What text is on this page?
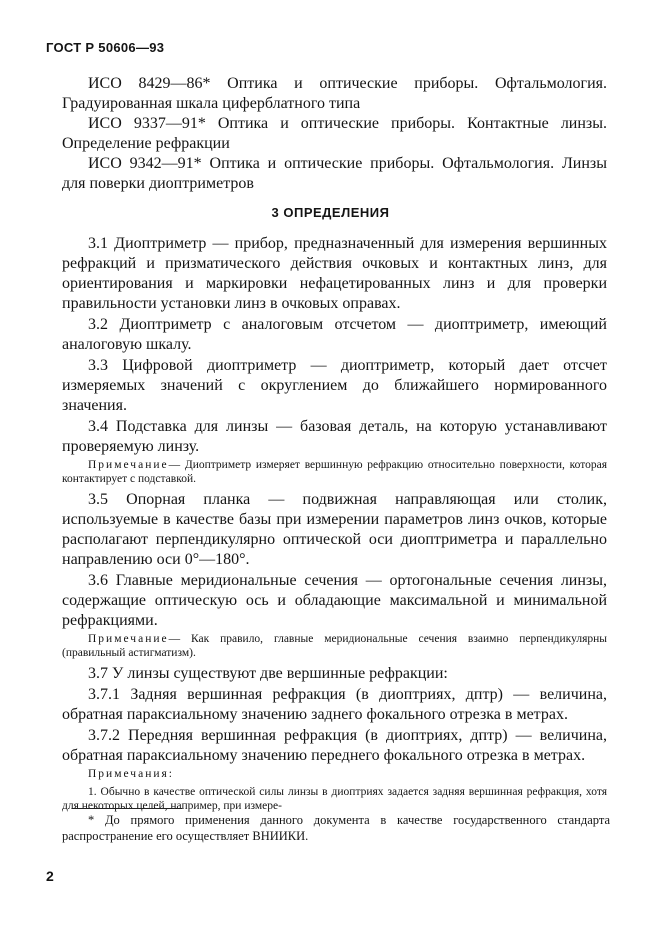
ГОСТ Р 50606—93

ИСО 8429—86* Оптика и оптические приборы. Офтальмология. Градуированная шкала циферблатного типа

ИСО 9337—91* Оптика и оптические приборы. Контактные линзы. Определение рефракции

ИСО 9342—91* Оптика и оптические приборы. Офтальмология. Линзы для поверки диоптриметров

3 ОПРЕДЕЛЕНИЯ

3.1 Диоптриметр — прибор, предназначенный для измерения вершинных рефракций и призматического действия очковых и контактных линз, для ориентирования и маркировки нефацетированных линз и для проверки правильности установки линз в очковых оправах.

3.2 Диоптриметр с аналоговым отсчетом — диоптриметр, имеющий аналоговую шкалу.

3.3 Цифровой диоптриметр — диоптриметр, который дает отсчет измеряемых значений с округлением до ближайшего нормированного значения.

3.4 Подставка для линзы — базовая деталь, на которую устанавливают проверяемую линзу.

Примечание— Диоптриметр измеряет вершинную рефракцию относительно поверхности, которая контактирует с подставкой.

3.5 Опорная планка — подвижная направляющая или столик, используемые в качестве базы при измерении параметров линз очков, которые располагают перпендикулярно оптической оси диоптриметра и параллельно направлению оси 0°—180°.

3.6 Главные меридиональные сечения — ортогональные сечения линзы, содержащие оптическую ось и обладающие максимальной и минимальной рефракциями.

Примечание— Как правило, главные меридиональные сечения взаимно перпендикулярны (правильный астигматизм).

3.7 У линзы существуют две вершинные рефракции:

3.7.1 Задняя вершинная рефракция (в диоптриях, дптр) — величина, обратная параксиальному значению заднего фокального отрезка в метрах.

3.7.2 Передняя вершинная рефракция (в диоптриях, дптр) — величина, обратная параксиальному значению переднего фокального отрезка в метрах.

Примечания:

1. Обычно в качестве оптической силы линзы в диоптриях задается задняя вершинная рефракция, хотя для некоторых целей, например, при измере-

* До прямого применения данного документа в качестве государственного стандарта распространение его осуществляет ВНИИКИ.
2
